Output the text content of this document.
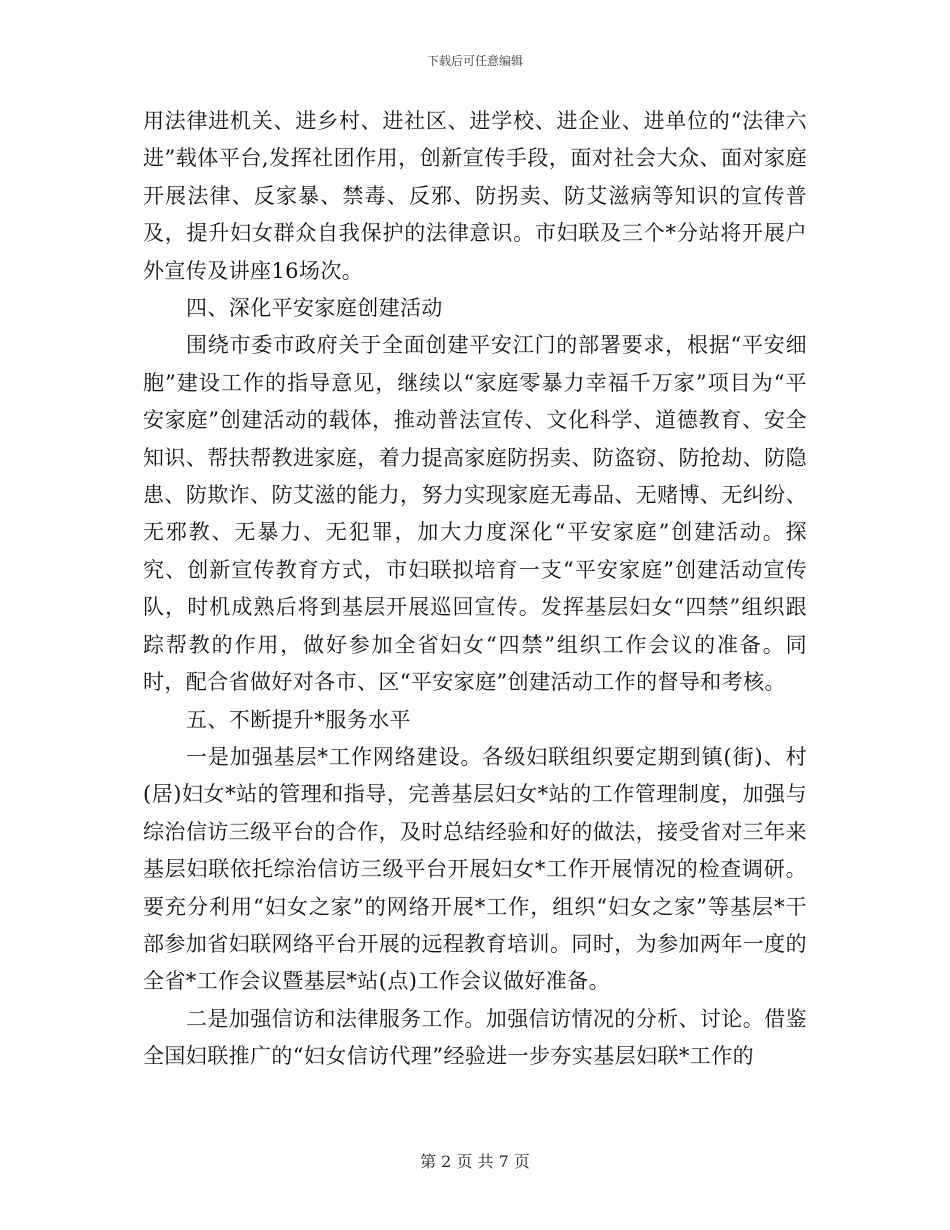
下载后可任意编辑

用法律进机关、进乡村、进社区、进学校、进企业、进单位的“法律六进”载体平台,发挥社团作用，创新宣传手段，面对社会大众、面对家庭开展法律、反家暴、禁毒、反邪、防拐卖、防艾滋病等知识的宣传普及，提升妇女群众自我保护的法律意识。市妇联及三个*分站将开展户外宣传及讲座16场次。

四、深化平安家庭创建活动

围绕市委市政府关于全面创建平安江门的部署要求，根据“平安细胞”建设工作的指导意见，继续以“家庭零暴力幸福千万家”项目为“平安家庭”创建活动的载体，推动普法宣传、文化科学、道德教育、安全知识、帮扶帮教进家庭，着力提高家庭防拐卖、防盗窃、防抢劫、防隐患、防欺诈、防艾滋的能力，努力实现家庭无毒品、无赌博、无纠纷、无邪教、无暴力、无犯罪，加大力度深化“平安家庭”创建活动。探究、创新宣传教育方式，市妇联拟培育一支“平安家庭”创建活动宣传队，时机成熟后将到基层开展巡回宣传。发挥基层妇女“四禁”组织跟踪帮教的作用，做好参加全省妇女“四禁”组织工作会议的准备。同时，配合省做好对各市、区“平安家庭”创建活动工作的督导和考核。

五、不断提升*服务水平

一是加强基层*工作网络建设。各级妇联组织要定期到镇(街)、村(居)妇女*站的管理和指导，完善基层妇女*站的工作管理制度，加强与综治信访三级平台的合作，及时总结经验和好的做法，接受省对三年来基层妇联依托综治信访三级平台开展妇女*工作开展情况的检查调研。要充分利用“妇女之家”的网络开展*工作，组织“妇女之家”等基层*干部参加省妇联网络平台开展的远程教育培训。同时，为参加两年一度的全省*工作会议暨基层*站(点)工作会议做好准备。

二是加强信访和法律服务工作。加强信访情况的分析、讨论。借鉴全国妇联推广的“妇女信访代理”经验进一步夯实基层妇联*工作的

第 2 页 共 7 页
